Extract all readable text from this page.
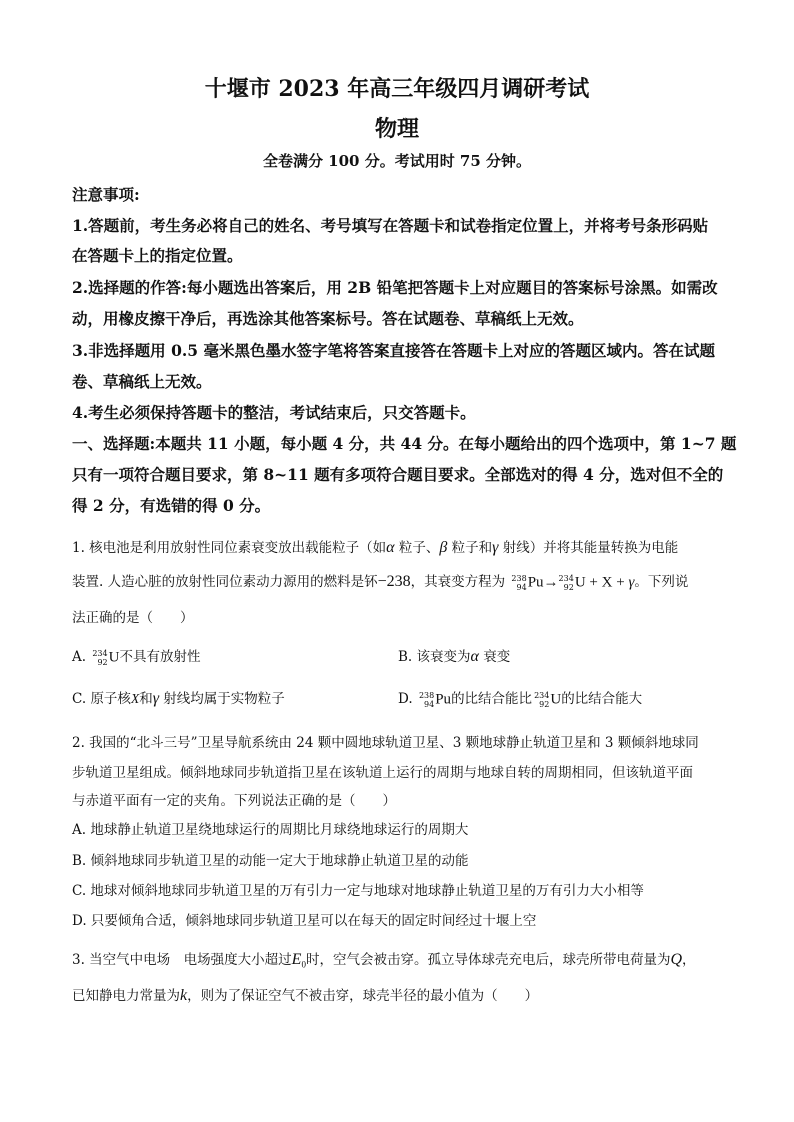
十堰市 2023 年高三年级四月调研考试
物理
全卷满分 100 分。考试用时 75 分钟。
注意事项:
1.答题前，考生务必将自己的姓名、考号填写在答题卡和试卷指定位置上，并将考号条形码贴
在答题卡上的指定位置。
2.选择题的作答:每小题选出答案后，用 2B 铅笔把答题卡上对应题目的答案标号涂黑。如需改
动，用橡皮擦干净后，再选涂其他答案标号。答在试题卷、草稿纸上无效。
3.非选择题用 0.5 毫米黑色墨水签字笔将答案直接答在答题卡上对应的答题区域内。答在试题
卷、草稿纸上无效。
4.考生必须保持答题卡的整洁，考试结束后，只交答题卡。
一、选择题:本题共 11 小题，每小题 4 分，共 44 分。在每小题给出的四个选项中，第 1~7 题
只有一项符合题目要求，第 8~11 题有多项符合题目要求。全部选对的得 4 分，选对但不全的
得 2 分，有选错的得 0 分。
1. 核电池是利用放射性同位素衰变放出载能粒子（如α 粒子、β 粒子和γ 射线）并将其能量转换为电能
装置. 人造心脏的放射性同位素动力源用的燃料是钚−238，其衰变方程为 238
94 Pu→ 234
92 U + X + γ。下列说
法正确的是（　　）
A. 234
92 U不具有放射性	B. 该衰变为α 衰变
C. 原子核X和γ 射线均属于实物粒子	D. 238
94 Pu的比结合能比 234
92 U的比结合能大
2. 我国的“北斗三号”卫星导航系统由 24 颗中圆地球轨道卫星、3 颗地球静止轨道卫星和 3 颗倾斜地球同
步轨道卫星组成。倾斜地球同步轨道指卫星在该轨道上运行的周期与地球自转的周期相同，但该轨道平面
与赤道平面有一定的夹角。下列说法正确的是（　　）
A. 地球静止轨道卫星绕地球运行的周期比月球绕地球运行的周期大
B. 倾斜地球同步轨道卫星的动能一定大于地球静止轨道卫星的动能
C. 地球对倾斜地球同步轨道卫星的万有引力一定与地球对地球静止轨道卫星的万有引力大小相等
D. 只要倾角合适，倾斜地球同步轨道卫星可以在每天的固定时间经过十堰上空
3. 当空气中电场　电场强度大小超过$E_0$时，空气会被击穿。孤立导体球壳充电后，球壳所带电荷量为Q，
已知静电力常量为k，则为了保证空气不被击穿，球壳半径的最小值为（　　）
